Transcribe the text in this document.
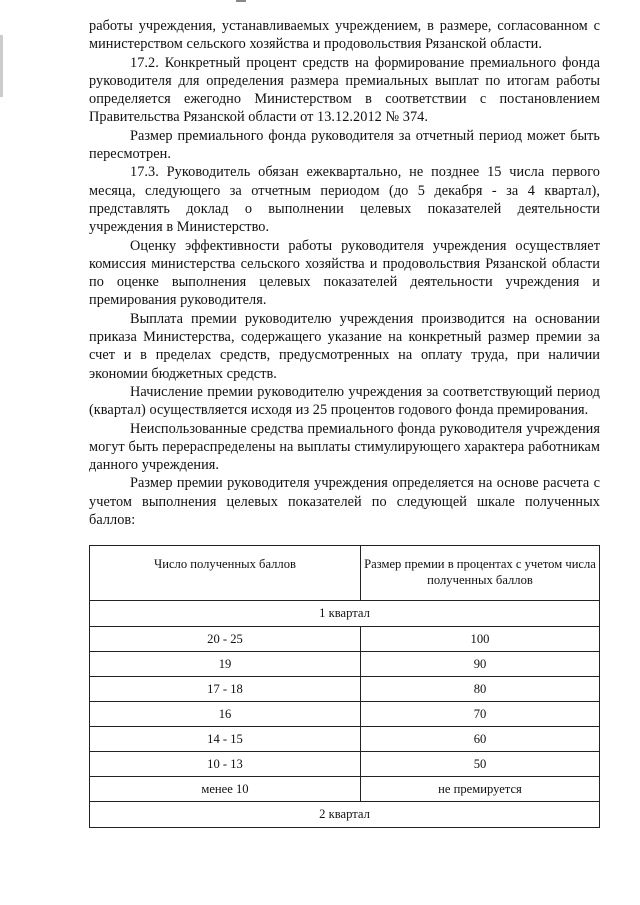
работы учреждения, устанавливаемых учреждением, в размере, согласованном с министерством сельского хозяйства и продовольствия Рязанской области.

17.2. Конкретный процент средств на формирование премиального фонда руководителя для определения размера премиальных выплат по итогам работы определяется ежегодно Министерством в соответствии с постановлением Правительства Рязанской области от 13.12.2012 № 374.

Размер премиального фонда руководителя за отчетный период может быть пересмотрен.

17.3. Руководитель обязан ежеквартально, не позднее 15 числа первого месяца, следующего за отчетным периодом (до 5 декабря - за 4 квартал), представлять доклад о выполнении целевых показателей деятельности учреждения в Министерство.

Оценку эффективности работы руководителя учреждения осуществляет комиссия министерства сельского хозяйства и продовольствия Рязанской области по оценке выполнения целевых показателей деятельности учреждения и премирования руководителя.

Выплата премии руководителю учреждения производится на основании приказа Министерства, содержащего указание на конкретный размер премии за счет и в пределах средств, предусмотренных на оплату труда, при наличии экономии бюджетных средств.

Начисление премии руководителю учреждения за соответствующий период (квартал) осуществляется исходя из 25 процентов годового фонда премирования.

Неиспользованные средства премиального фонда руководителя учреждения могут быть перераспределены на выплаты стимулирующего характера работникам данного учреждения.

Размер премии руководителя учреждения определяется на основе расчета с учетом выполнения целевых показателей по следующей шкале полученных баллов:

Число полученных баллов	Размер премии в процентах с учетом числа полученных баллов
1 квартал	
20 - 25	100
19	90
17 - 18	80
16	70
14 - 15	60
10 - 13	50
менее 10	не премируется
2 квартал	
